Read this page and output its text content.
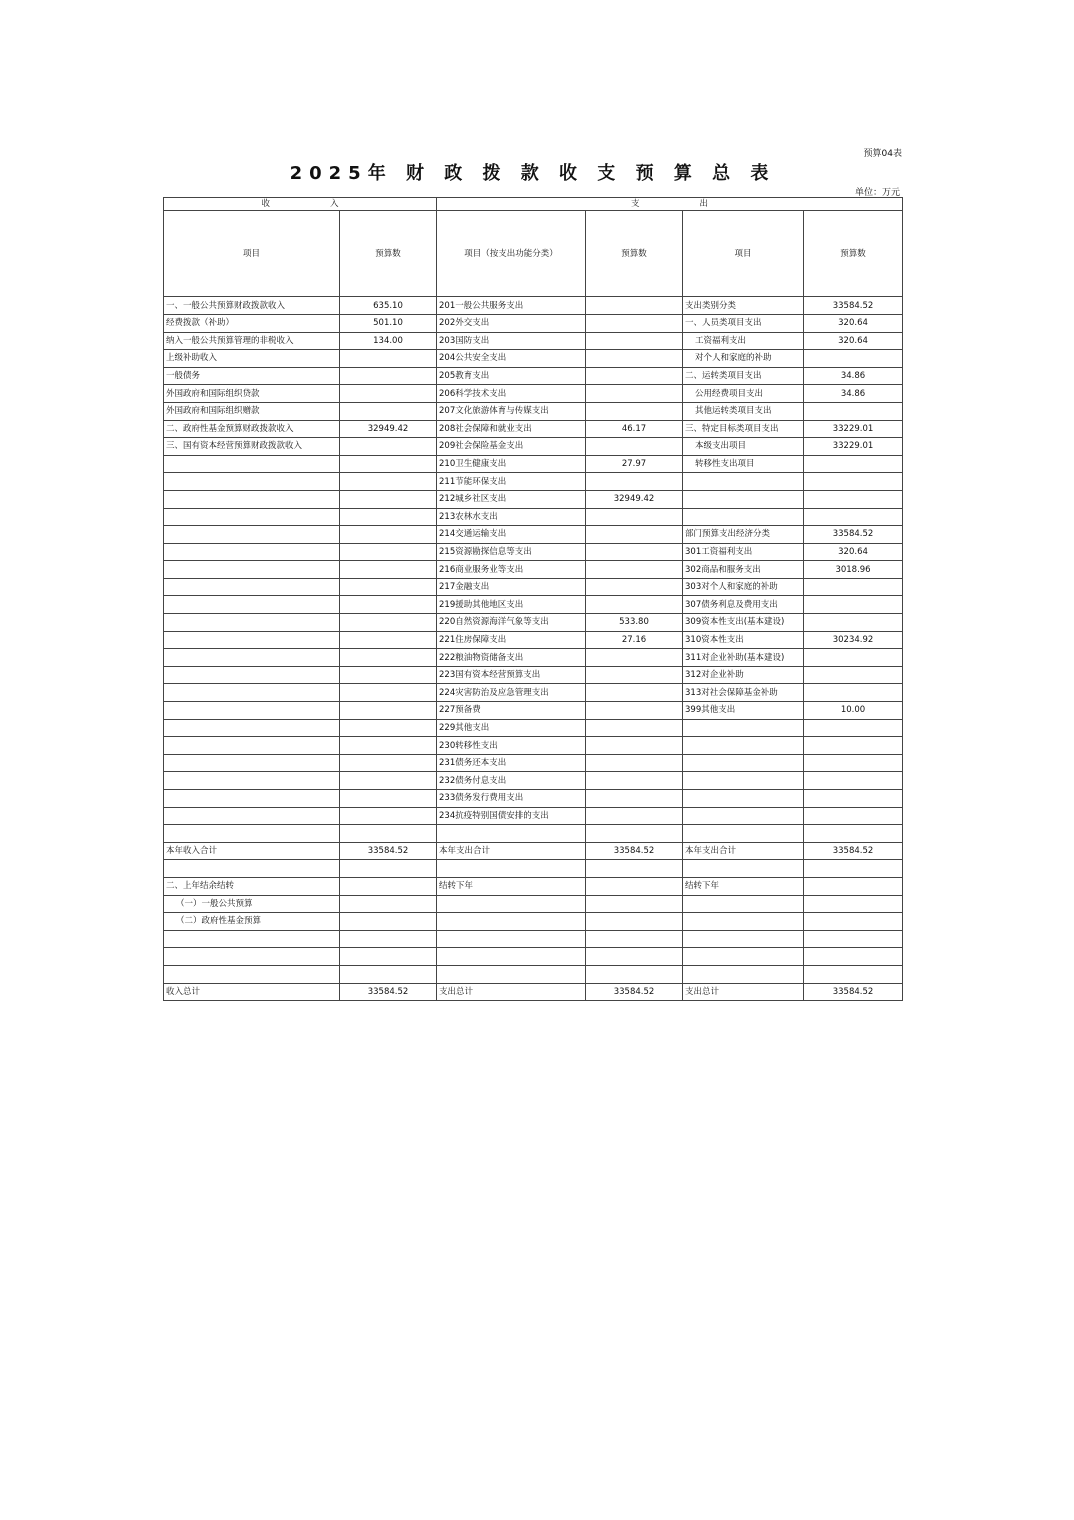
预算04表
2025年 财 政 拨 款 收 支 预 算 总 表
单位：万元
收 入		支 出			

项目	预算数	项目（按支出功能分类）	预算数	项目	预算数
一、一般公共预算财政拨款收入	635.10	201一般公共服务支出		支出类别分类	33584.52
经费拨款（补助）	501.10	202外交支出		一、人员类项目支出	320.64
纳入一般公共预算管理的非税收入	134.00	203国防支出		工资福利支出	320.64
上级补助收入		204公共安全支出		对个人和家庭的补助	
一般债务		205教育支出		二、运转类项目支出	34.86
外国政府和国际组织贷款		206科学技术支出		公用经费项目支出	34.86
外国政府和国际组织赠款		207文化旅游体育与传媒支出		其他运转类项目支出	
二、政府性基金预算财政拨款收入	32949.42	208社会保障和就业支出	46.17	三、特定目标类项目支出	33229.01
三、国有资本经营预算财政拨款收入		209社会保险基金支出		本级支出项目	33229.01
		210卫生健康支出	27.97	转移性支出项目	
		211节能环保支出			
		212城乡社区支出	32949.42		
		213农林水支出			
		214交通运输支出		部门预算支出经济分类	33584.52
		215资源勘探信息等支出		301工资福利支出	320.64
		216商业服务业等支出		302商品和服务支出	3018.96
		217金融支出		303对个人和家庭的补助	
		219援助其他地区支出		307债务利息及费用支出	
		220自然资源海洋气象等支出	533.80	309资本性支出(基本建设)	
		221住房保障支出	27.16	310资本性支出	30234.92
		222粮油物资储备支出		311对企业补助(基本建设)	
		223国有资本经营预算支出		312对企业补助	
		224灾害防治及应急管理支出		313对社会保障基金补助	
		227预备费		399其他支出	10.00
		229其他支出			
		230转移性支出			
		231债务还本支出			
		232债务付息支出			
		233债务发行费用支出			
		234抗疫特别国债安排的支出			

本年收入合计	33584.52	本年支出合计	33584.52	本年支出合计	33584.52

二、上年结余结转		结转下年		结转下年	
（一）一般公共预算					
（二）政府性基金预算					

收入总计	33584.52	支出总计	33584.52	支出总计	33584.52
